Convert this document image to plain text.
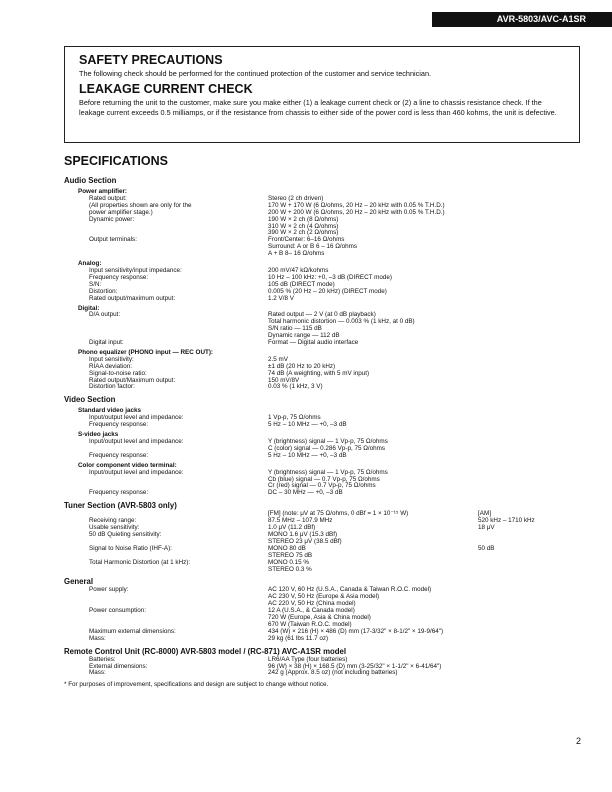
AVR-5803/AVC-A1SR
SAFETY PRECAUTIONS

The following check should be performed for the continued protection of the customer and service technician.

LEAKAGE CURRENT CHECK

Before returning the unit to the customer, make sure you make either (1) a leakage current check or (2) a line to chassis resistance check. If the leakage current exceeds 0.5 milliamps, or if the resistance from chassis to either side of the power cord is less than 460 kohms, the unit is defective.

SPECIFICATIONS
Audio Section
Power amplifier:
Rated output:	Stereo (2 ch driven)
(All properties shown are only for the	170 W + 170 W (6 Ω/ohms, 20 Hz – 20 kHz with 0.05 % T.H.D.)
power amplifier stage.)	200 W + 200 W (6 Ω/ohms, 20 Hz – 20 kHz with 0.05 % T.H.D.)
Dynamic power:	190 W × 2 ch (8 Ω/ohms)
310 W × 2 ch (4 Ω/ohms)
390 W × 2 ch (2 Ω/ohms)
Output terminals:	Front/Center: 6–16 Ω/ohms
Surround: A or B 6 – 16 Ω/ohms
A + B 8– 16 Ω/ohms
Analog:
Input sensitivity/input impedance:	200 mV/47 kΩ/kohms
Frequency response:	10 Hz – 100 kHz: +0, –3 dB (DIRECT mode)
S/N:	105 dB (DIRECT mode)
Distortion:	0.005 % (20 Hz – 20 kHz) (DIRECT mode)
Rated output/maximum output:	1.2 V/8 V
Digital:
D/A output:	Rated output — 2 V (at 0 dB playback)
Total harmonic distortion — 0.003 % (1 kHz, at 0 dB)
S/N ratio — 115 dB
Dynamic range — 112 dB
Digital input:	Format — Digital audio interface
Phono equalizer (PHONO input — REC OUT):
Input sensitivity:	2.5 mV
RIAA deviation:	±1 dB (20 Hz to 20 kHz)
Signal-to-noise ratio:	74 dB (A weighting, with 5 mV input)
Rated output/Maximum output:	150 mV/8V
Distortion factor:	0.03 % (1 kHz, 3 V)
Video Section
Standard video jacks
Input/output level and impedance:	1 Vp-p, 75 Ω/ohms
Frequency response:	5 Hz – 10 MHz — +0, –3 dB
S-video jacks
Input/output level and impedance:	Y (brightness) signal — 1 Vp-p, 75 Ω/ohms
C (color) signal — 0.286 Vp-p, 75 Ω/ohms
Frequency response:	5 Hz – 10 MHz — +0, –3 dB
Color component video terminal:
Input/output level and impedance:	Y (brightness) signal — 1 Vp-p, 75 Ω/ohms
Cb (blue) signal — 0.7 Vp-p, 75 Ω/ohms
Cr (red) signal — 0.7 Vp-p, 75 Ω/ohms
Frequency response:	DC – 30 MHz — +0, –3 dB
Tuner Section (AVR-5803 only)
[FM] (note: μV at 75 Ω/ohms, 0 dBf = 1 × 10⁻¹⁵ W)	[AM]
Receiving range:	87.5 MHz – 107.9 MHz	520 kHz – 1710 kHz
Usable sensitivity:	1.0 μV (11.2 dBf)	18 μV
50 dB Quieting sensitivity:	MONO 1.6 μV (15.3 dBf)
STEREO 23 μV (38.5 dBf)
Signal to Noise Ratio (IHF-A):	MONO 80 dB	50 dB
STEREO 75 dB
Total Harmonic Distortion (at 1 kHz):	MONO 0.15 %
STEREO 0.3 %
General
Power supply:	AC 120 V, 60 Hz (U.S.A., Canada & Taiwan R.O.C. model)
AC 230 V, 50 Hz (Europe & Asia model)
AC 220 V, 50 Hz (China model)
Power consumption:	12 A (U.S.A., & Canada model)
720 W (Europe, Asia & China model)
670 W (Taiwan R.O.C. model)
Maximum external dimensions:	434 (W) × 216 (H) × 486 (D) mm (17-3/32" × 8-1/2" × 19-9/64")
Mass:	29 kg (61 lbs 11.7 oz)
Remote Control Unit (RC-8000) AVR-5803 model / (RC-871) AVC-A1SR model
Batteries:	LR6/AA Type (four batteries)
External dimensions:	96 (W) × 38 (H) × 168.5 (D) mm (3-25/32" × 1-1/2" × 6-41/64")
Mass:	242 g (Approx. 8.5 oz) (not including batteries)
* For purposes of improvement, specifications and design are subject to change without notice.
2
